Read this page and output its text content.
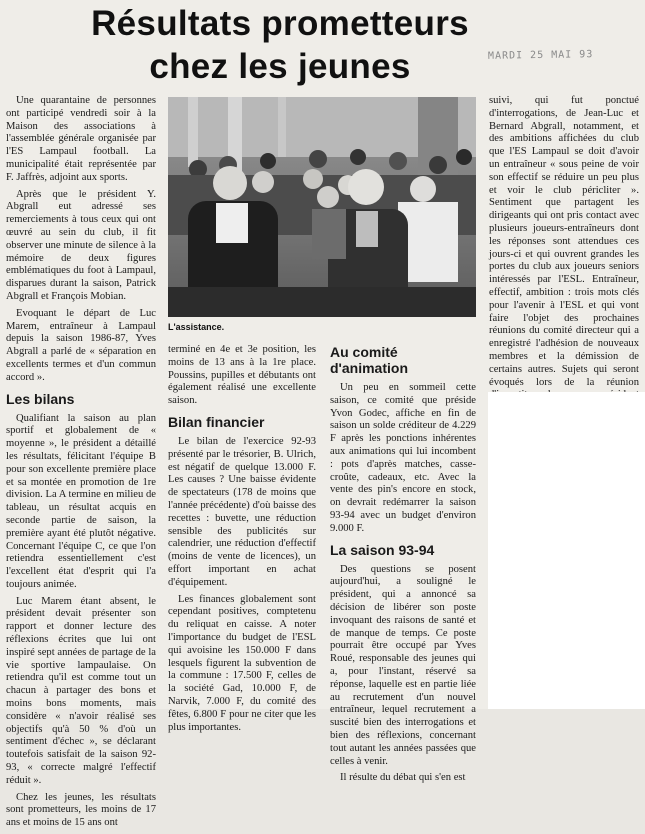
Résultats prometteurs
chez les jeunes	MARDI 25 MAI 93

Une quarantaine de personnes ont participé vendredi soir à la Maison des associations à l'assemblée générale organisée par l'ES Lampaul football. La municipalité était représentée par F. Jaffrès, adjoint aux sports.

Après que le président Y. Abgrall eut adressé ses remerciements à tous ceux qui ont œuvré au sein du club, il fit observer une minute de silence à la mémoire de deux figures emblématiques du foot à Lampaul, disparues durant la saison, Patrick Abgrall et François Mobian.

Evoquant le départ de Luc Marem, entraîneur à Lampaul depuis la saison 1986-87, Yves Abgrall a parlé de « séparation en excellents termes et d'un commun accord ».

Les bilans

Qualifiant la saison au plan sportif et globalement de « moyenne », le président a détaillé les résultats, félicitant l'équipe B pour son excellente première place et sa montée en promotion de 1re division. La A termine en milieu de tableau, un résultat acquis en seconde partie de saison, la première ayant été plutôt négative. Concernant l'équipe C, ce que l'on retiendra essentiellement c'est l'excellent état d'esprit qui l'a toujours animée.

Luc Marem étant absent, le président devait présenter son rapport et donner lecture des réflexions écrites que lui ont inspiré sept années de partage de la vie sportive lampaulaise. On retiendra qu'il est comme tout un chacun à partager des bons et moins bons moments, mais considère « n'avoir réalisé ses objectifs qu'à 50 % d'où un sentiment d'échec », se déclarant toutefois satisfait de la saison 92-93, « correcte malgré l'effectif réduit ».

Chez les jeunes, les résultats sont prometteurs, les moins de 17 ans et moins de 15 ans ont

L'assistance.

terminé en 4e et 3e position, les moins de 13 ans à la 1re place. Poussins, pupilles et débutants ont également réalisé une excellente saison.

Bilan financier

Le bilan de l'exercice 92-93 présenté par le trésorier, B. Ulrich, est négatif de quelque 13.000 F. Les causes ? Une baisse évidente de spectateurs (178 de moins que l'année précédente) d'où baisse des recettes : buvette, une réduction sensible des publicités sur calendrier, une réduction d'effectif (moins de vente de licences), un effort important en achat d'équipement.

Les finances globalement sont cependant positives, comptetenu du reliquat en caisse. A noter l'importance du budget de l'ESL qui avoisine les 150.000 F dans lesquels figurent la subvention de la commune : 17.500 F, celles de la société Gad, 10.000 F, de Narvik, 7.000 F, du comité des fêtes, 6.800 F pour ne citer que les plus importantes.

Au comité d'animation

Un peu en sommeil cette saison, ce comité que préside Yvon Godec, affiche en fin de saison un solde créditeur de 4.229 F après les ponctions inhérentes aux animations qui lui incombent : pots d'après matches, casse-croûte, cadeaux, etc. Avec la vente des pin's encore en stock, on devrait redémarrer la saison 93-94 avec un budget d'environ 9.000 F.

La saison 93-94

Des questions se posent aujourd'hui, a souligné le président, qui a annoncé sa décision de libérer son poste invoquant des raisons de santé et de manque de temps. Ce poste pourrait être occupé par Yves Roué, responsable des jeunes qui a, pour l'instant, réservé sa réponse, laquelle est en partie liée au recrutement d'un nouvel entraîneur, lequel recrutement a suscité bien des interrogations et bien des réflexions, concernant tout autant les années passées que celles à venir.

Il résulte du débat qui s'en est

suivi, qui fut ponctué d'interrogations, de Jean-Luc et Bernard Abgrall, notamment, et des ambitions affichées du club que l'ES Lampaul se doit d'avoir un entraîneur « sous peine de voir son effectif se réduire un peu plus et voir le club péricliter ». Sentiment que partagent les dirigeants qui ont pris contact avec plusieurs joueurs-entraîneurs dont les réponses sont attendues ces jours-ci et qui ouvrent grandes les portes du club aux joueurs seniors intéressés par l'ESL. Entraîneur, effectif, ambition : trois mots clés pour l'avenir à l'ESL et qui vont faire l'objet des prochaines réunions du comité directeur qui a enregistré l'adhésion de nouveaux membres et la démission de certains autres. Sujets qui seront évoqués lors de la réunion
